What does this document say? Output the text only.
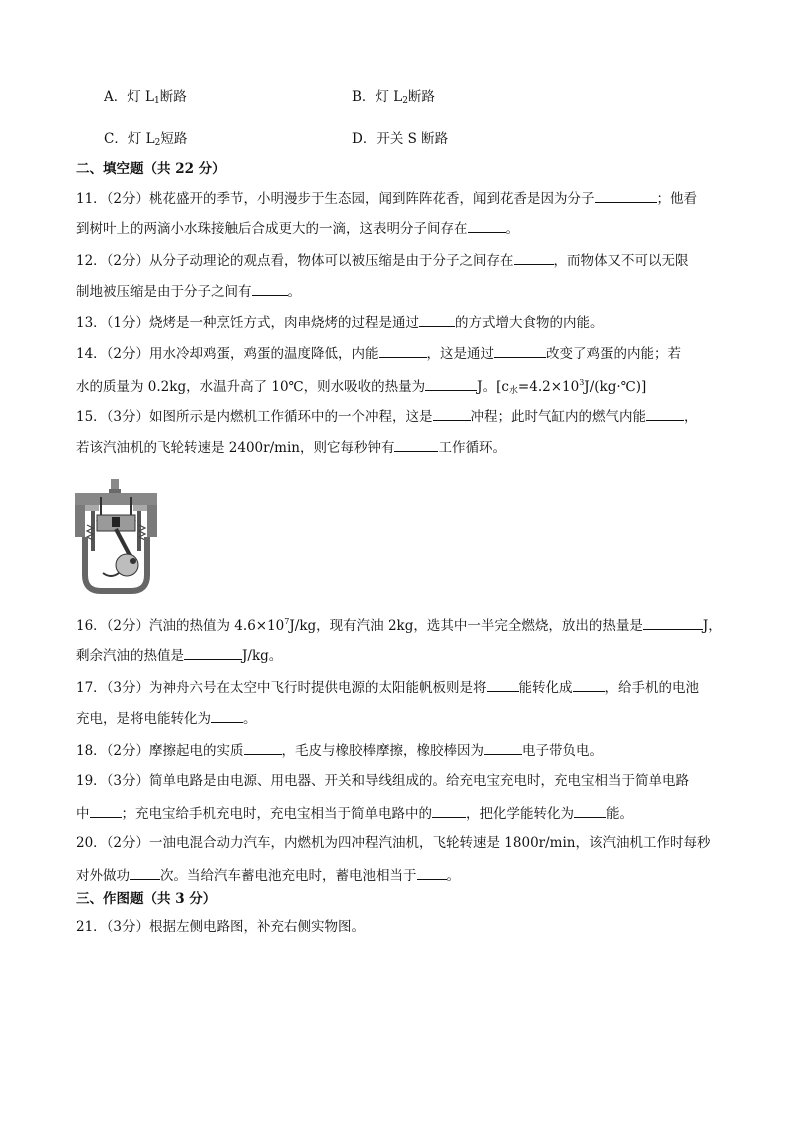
A．灯 $L_1$断路	B．灯 $L_2$断路
C．灯 $L_2$短路	D．开关 S 断路
二、填空题（共 22 分）
11．（2分）桃花盛开的季节，小明漫步于生态园，闻到阵阵花香，闻到花香是因为分子	；他看
到树叶上的两滴小水珠接触后合成更大的一滴，这表明分子间存在	。
12．（2分）从分子动理论的观点看，物体可以被压缩是由于分子之间存在	，而物体又不可以无限
制地被压缩是由于分子之间有	。
13．（1分）烧烤是一种烹饪方式，肉串烧烤的过程是通过	的方式增大食物的内能。
14．（2分）用水冷却鸡蛋，鸡蛋的温度降低，内能	，这是通过	改变了鸡蛋的内能；若
水的质量为 0.2kg，水温升高了 10℃，则水吸收的热量为	J。$[c_水=4.2\times 10^3J/(kg\cdot℃)]$
15．（3分）如图所示是内燃机工作循环中的一个冲程，这是	冲程；此时气缸内的燃气内能	，
若该汽油机的飞轮转速是 2400r/min，则它每秒钟有	工作循环。
16．（2分）汽油的热值为 $4.6\times 10^7J/kg$，现有汽油 2kg，选其中一半完全燃烧，放出的热量是	J，
剩余汽油的热值是	J/kg。
17．（3分）为神舟六号在太空中飞行时提供电源的太阳能帆板则是将 能转化成 ，给手机的电池
充电，是将电能转化为 。
18．（2分）摩擦起电的实质	，毛皮与橡胶棒摩擦，橡胶棒因为	电子带负电。
19．（3分）简单电路是由电源、用电器、开关和导线组成的。给充电宝充电时，充电宝相当于简单电路
中 ；充电宝给手机充电时，充电宝相当于简单电路中的	，把化学能转化为 能。
20．（2分）一油电混合动力汽车，内燃机为四冲程汽油机，飞轮转速是 1800r/min，该汽油机工作时每秒
对外做功 次。当给汽车蓄电池充电时，蓄电池相当于 。
三、作图题（共 3 分）
21．（3分）根据左侧电路图，补充右侧实物图。
